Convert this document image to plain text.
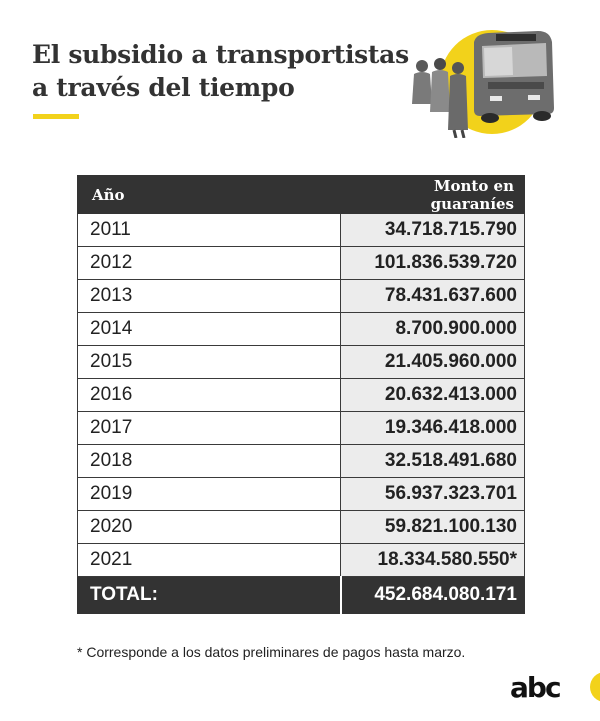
El subsidio a transportistas
a través del tiempo
Año	Monto en guaraníes
2011	34.718.715.790
2012	101.836.539.720
2013	78.431.637.600
2014	8.700.900.000
2015	21.405.960.000
2016	20.632.413.000
2017	19.346.418.000
2018	32.518.491.680
2019	56.937.323.701
2020	59.821.100.130
2021	18.334.580.550*
TOTAL:	452.684.080.171
* Corresponde a los datos preliminares de pagos hasta marzo.
abc
